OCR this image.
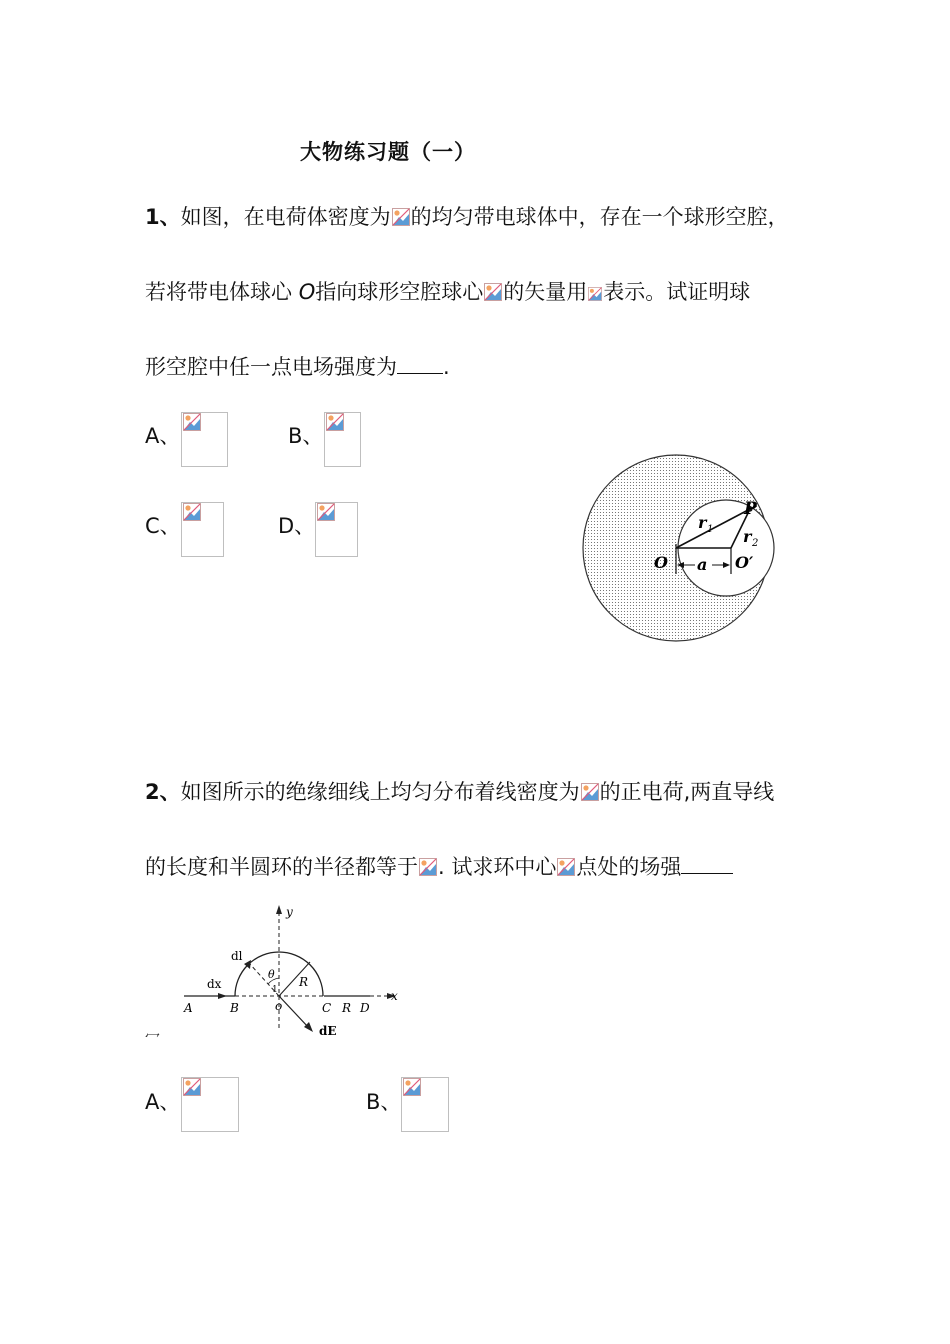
大物练习题（一）
1、如图，在电荷体密度为 的均匀带电球体中，存在一个球形空腔，
若将带电体球心 O指向球形空腔球心 的矢量用 表示。试证明球
形空腔中任一点电场强度为 .
A、	B、
C、	D、
P
r 1 r 2
O a O′
2、如图所示的绝缘细线上均匀分布着线密度为 的正电荷,两直导线
的长度和半圆环的半径都等于 . 试求环中心 点处的场强
y
x
dl
θ
1
R
dx
A	B	o	C R D
dE
冖
A、	B、
